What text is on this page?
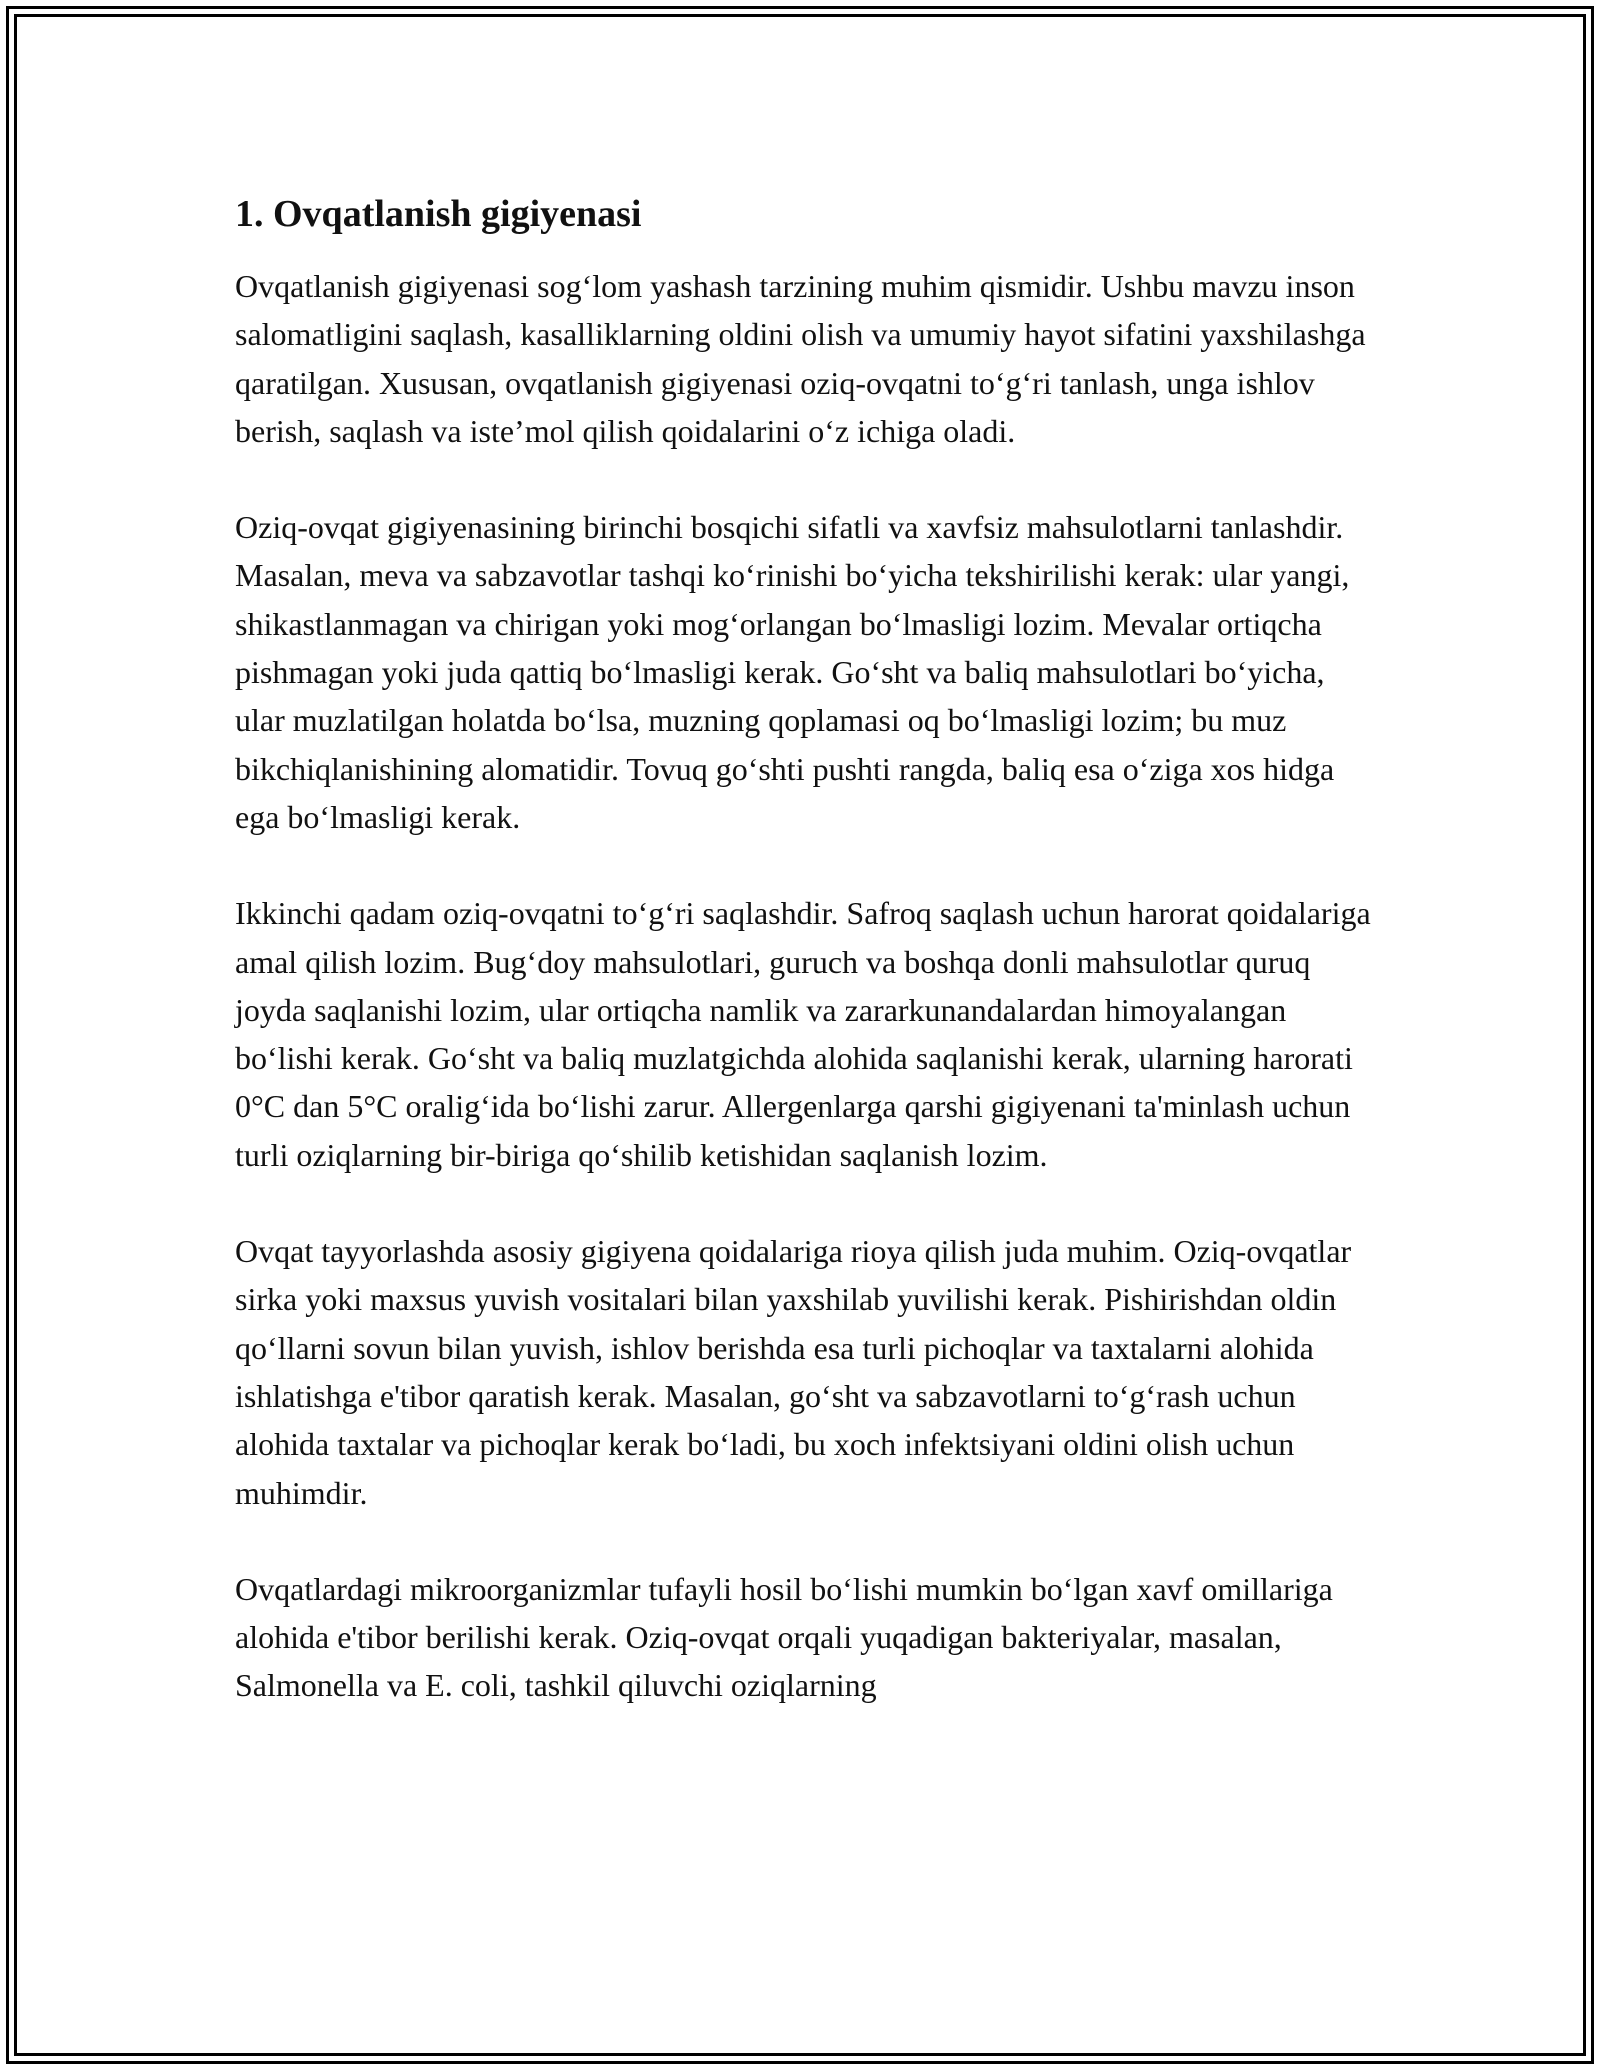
1. Ovqatlanish gigiyenasi

Ovqatlanish gigiyenasi sog‘lom yashash tarzining muhim qismidir. Ushbu mavzu inson salomatligini saqlash, kasalliklarning oldini olish va umumiy hayot sifatini yaxshilashga qaratilgan. Xususan, ovqatlanish gigiyenasi oziq-ovqatni to‘g‘ri tanlash, unga ishlov berish, saqlash va iste’mol qilish qoidalarini o‘z ichiga oladi.

Oziq-ovqat gigiyenasining birinchi bosqichi sifatli va xavfsiz mahsulotlarni tanlashdir. Masalan, meva va sabzavotlar tashqi ko‘rinishi bo‘yicha tekshirilishi kerak: ular yangi, shikastlanmagan va chirigan yoki mog‘orlangan bo‘lmasligi lozim. Mevalar ortiqcha pishmagan yoki juda qattiq bo‘lmasligi kerak. Go‘sht va baliq mahsulotlari bo‘yicha, ular muzlatilgan holatda bo‘lsa, muzning qoplamasi oq bo‘lmasligi lozim; bu muz bikchiqlanishining alomatidir. Tovuq go‘shti pushti rangda, baliq esa o‘ziga xos hidga ega bo‘lmasligi kerak.

Ikkinchi qadam oziq-ovqatni to‘g‘ri saqlashdir. Safroq saqlash uchun harorat qoidalariga amal qilish lozim. Bug‘doy mahsulotlari, guruch va boshqa donli mahsulotlar quruq joyda saqlanishi lozim, ular ortiqcha namlik va zararkunandalardan himoyalangan bo‘lishi kerak. Go‘sht va baliq muzlatgichda alohida saqlanishi kerak, ularning harorati 0°C dan 5°C oralig‘ida bo‘lishi zarur. Allergenlarga qarshi gigiyenani ta'minlash uchun turli oziqlarning bir-biriga qo‘shilib ketishidan saqlanish lozim.

Ovqat tayyorlashda asosiy gigiyena qoidalariga rioya qilish juda muhim. Oziq-ovqatlar sirka yoki maxsus yuvish vositalari bilan yaxshilab yuvilishi kerak. Pishirishdan oldin qo‘llarni sovun bilan yuvish, ishlov berishda esa turli pichoqlar va taxtalarni alohida ishlatishga e'tibor qaratish kerak. Masalan, go‘sht va sabzavotlarni to‘g‘rash uchun alohida taxtalar va pichoqlar kerak bo‘ladi, bu xoch infektsiyani oldini olish uchun muhimdir.

Ovqatlardagi mikroorganizmlar tufayli hosil bo‘lishi mumkin bo‘lgan xavf omillariga alohida e'tibor berilishi kerak. Oziq-ovqat orqali yuqadigan bakteriyalar, masalan, Salmonella va E. coli, tashkil qiluvchi oziqlarning
